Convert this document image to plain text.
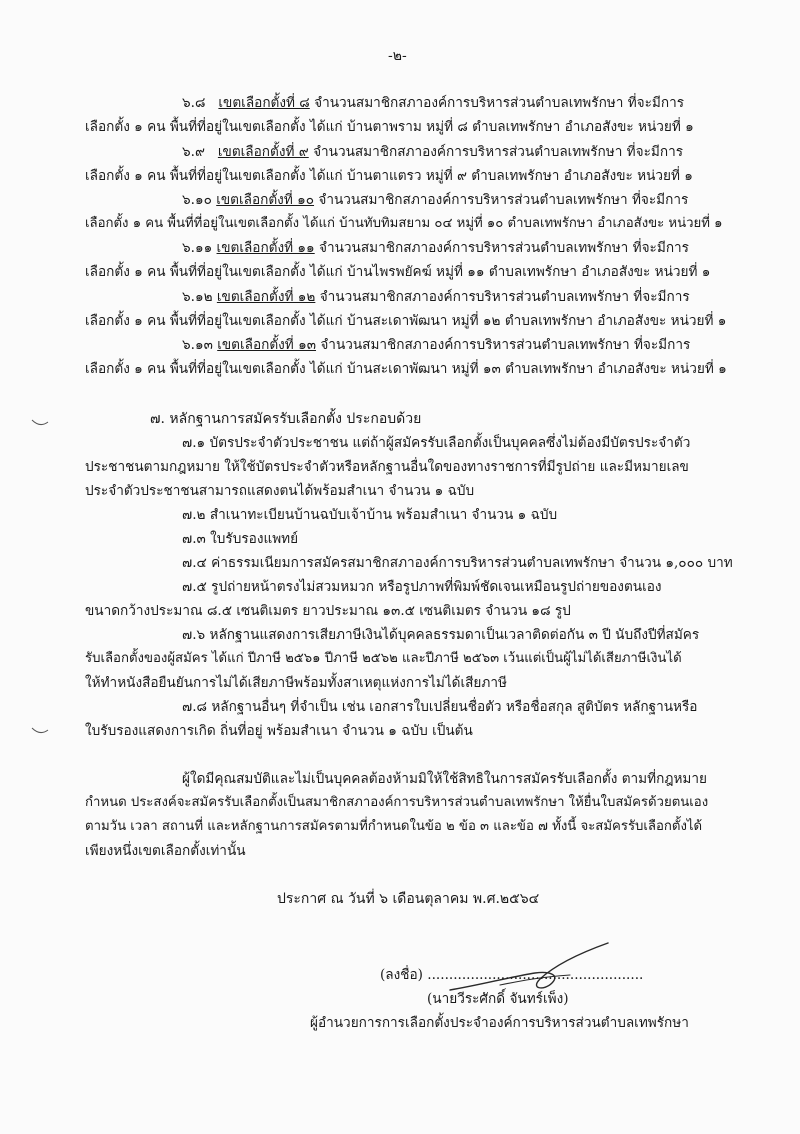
-๒-

๖.๘ เขตเลือกตั้งที่ ๘ จำนวนสมาชิกสภาองค์การบริหารส่วนตำบลเทพรักษา ที่จะมีการ

เลือกตั้ง ๑ คน พื้นที่ที่อยู่ในเขตเลือกตั้ง ได้แก่ บ้านตาพราม หมู่ที่ ๘ ตำบลเทพรักษา อำเภอสังขะ หน่วยที่ ๑

๖.๙ เขตเลือกตั้งที่ ๙ จำนวนสมาชิกสภาองค์การบริหารส่วนตำบลเทพรักษา ที่จะมีการ

เลือกตั้ง ๑ คน พื้นที่ที่อยู่ในเขตเลือกตั้ง ได้แก่ บ้านตาแตรว หมู่ที่ ๙ ตำบลเทพรักษา อำเภอสังขะ หน่วยที่ ๑

๖.๑๐ เขตเลือกตั้งที่ ๑๐ จำนวนสมาชิกสภาองค์การบริหารส่วนตำบลเทพรักษา ที่จะมีการ

เลือกตั้ง ๑ คน พื้นที่ที่อยู่ในเขตเลือกตั้ง ได้แก่ บ้านทับทิมสยาม ๐๔ หมู่ที่ ๑๐ ตำบลเทพรักษา อำเภอสังขะ หน่วยที่ ๑

๖.๑๑ เขตเลือกตั้งที่ ๑๑ จำนวนสมาชิกสภาองค์การบริหารส่วนตำบลเทพรักษา ที่จะมีการ

เลือกตั้ง ๑ คน พื้นที่ที่อยู่ในเขตเลือกตั้ง ได้แก่ บ้านไพรพยัคฆ์ หมู่ที่ ๑๑ ตำบลเทพรักษา อำเภอสังขะ หน่วยที่ ๑

๖.๑๒ เขตเลือกตั้งที่ ๑๒ จำนวนสมาชิกสภาองค์การบริหารส่วนตำบลเทพรักษา ที่จะมีการ

เลือกตั้ง ๑ คน พื้นที่ที่อยู่ในเขตเลือกตั้ง ได้แก่ บ้านสะเดาพัฒนา หมู่ที่ ๑๒ ตำบลเทพรักษา อำเภอสังขะ หน่วยที่ ๑

๖.๑๓ เขตเลือกตั้งที่ ๑๓ จำนวนสมาชิกสภาองค์การบริหารส่วนตำบลเทพรักษา ที่จะมีการ

เลือกตั้ง ๑ คน พื้นที่ที่อยู่ในเขตเลือกตั้ง ได้แก่ บ้านสะเดาพัฒนา หมู่ที่ ๑๓ ตำบลเทพรักษา อำเภอสังขะ หน่วยที่ ๑

๗. หลักฐานการสมัครรับเลือกตั้ง ประกอบด้วย

๗.๑ บัตรประจำตัวประชาชน แต่ถ้าผู้สมัครรับเลือกตั้งเป็นบุคคลซึ่งไม่ต้องมีบัตรประจำตัว

ประชาชนตามกฎหมาย ให้ใช้บัตรประจำตัวหรือหลักฐานอื่นใดของทางราชการที่มีรูปถ่าย และมีหมายเลข

ประจำตัวประชาชนสามารถแสดงตนได้พร้อมสำเนา จำนวน ๑ ฉบับ

๗.๒ สำเนาทะเบียนบ้านฉบับเจ้าบ้าน พร้อมสำเนา จำนวน ๑ ฉบับ

๗.๓ ใบรับรองแพทย์

๗.๔ ค่าธรรมเนียมการสมัครสมาชิกสภาองค์การบริหารส่วนตำบลเทพรักษา จำนวน ๑,๐๐๐ บาท

๗.๕ รูปถ่ายหน้าตรงไม่สวมหมวก หรือรูปภาพที่พิมพ์ชัดเจนเหมือนรูปถ่ายของตนเอง

ขนาดกว้างประมาณ ๘.๕ เซนติเมตร ยาวประมาณ ๑๓.๕ เซนติเมตร จำนวน ๑๘ รูป

๗.๖ หลักฐานแสดงการเสียภาษีเงินได้บุคคลธรรมดาเป็นเวลาติดต่อกัน ๓ ปี นับถึงปีที่สมัคร

รับเลือกตั้งของผู้สมัคร ได้แก่ ปีภาษี ๒๕๖๑ ปีภาษี ๒๕๖๒ และปีภาษี ๒๕๖๓ เว้นแต่เป็นผู้ไม่ได้เสียภาษีเงินได้

ให้ทำหนังสือยืนยันการไม่ได้เสียภาษีพร้อมทั้งสาเหตุแห่งการไม่ได้เสียภาษี

๗.๘ หลักฐานอื่นๆ ที่จำเป็น เช่น เอกสารใบเปลี่ยนชื่อตัว หรือชื่อสกุล สูติบัตร หลักฐานหรือ

ใบรับรองแสดงการเกิด ถิ่นที่อยู่ พร้อมสำเนา จำนวน ๑ ฉบับ เป็นต้น

ผู้ใดมีคุณสมบัติและไม่เป็นบุคคลต้องห้ามมิให้ใช้สิทธิในการสมัครรับเลือกตั้ง ตามที่กฎหมาย

กำหนด ประสงค์จะสมัครรับเลือกตั้งเป็นสมาชิกสภาองค์การบริหารส่วนตำบลเทพรักษา ให้ยื่นใบสมัครด้วยตนเอง

ตามวัน เวลา สถานที่ และหลักฐานการสมัครตามที่กำหนดในข้อ ๒ ข้อ ๓ และข้อ ๗ ทั้งนี้ จะสมัครรับเลือกตั้งได้

เพียงหนึ่งเขตเลือกตั้งเท่านั้น

ประกาศ ณ วันที่ ๖ เดือนตุลาคม พ.ศ.๒๕๖๔

(ลงชื่อ) ..................................................

(นายวีระศักดิ์ จันทร์เพ็ง)

ผู้อำนวยการการเลือกตั้งประจำองค์การบริหารส่วนตำบลเทพรักษา
